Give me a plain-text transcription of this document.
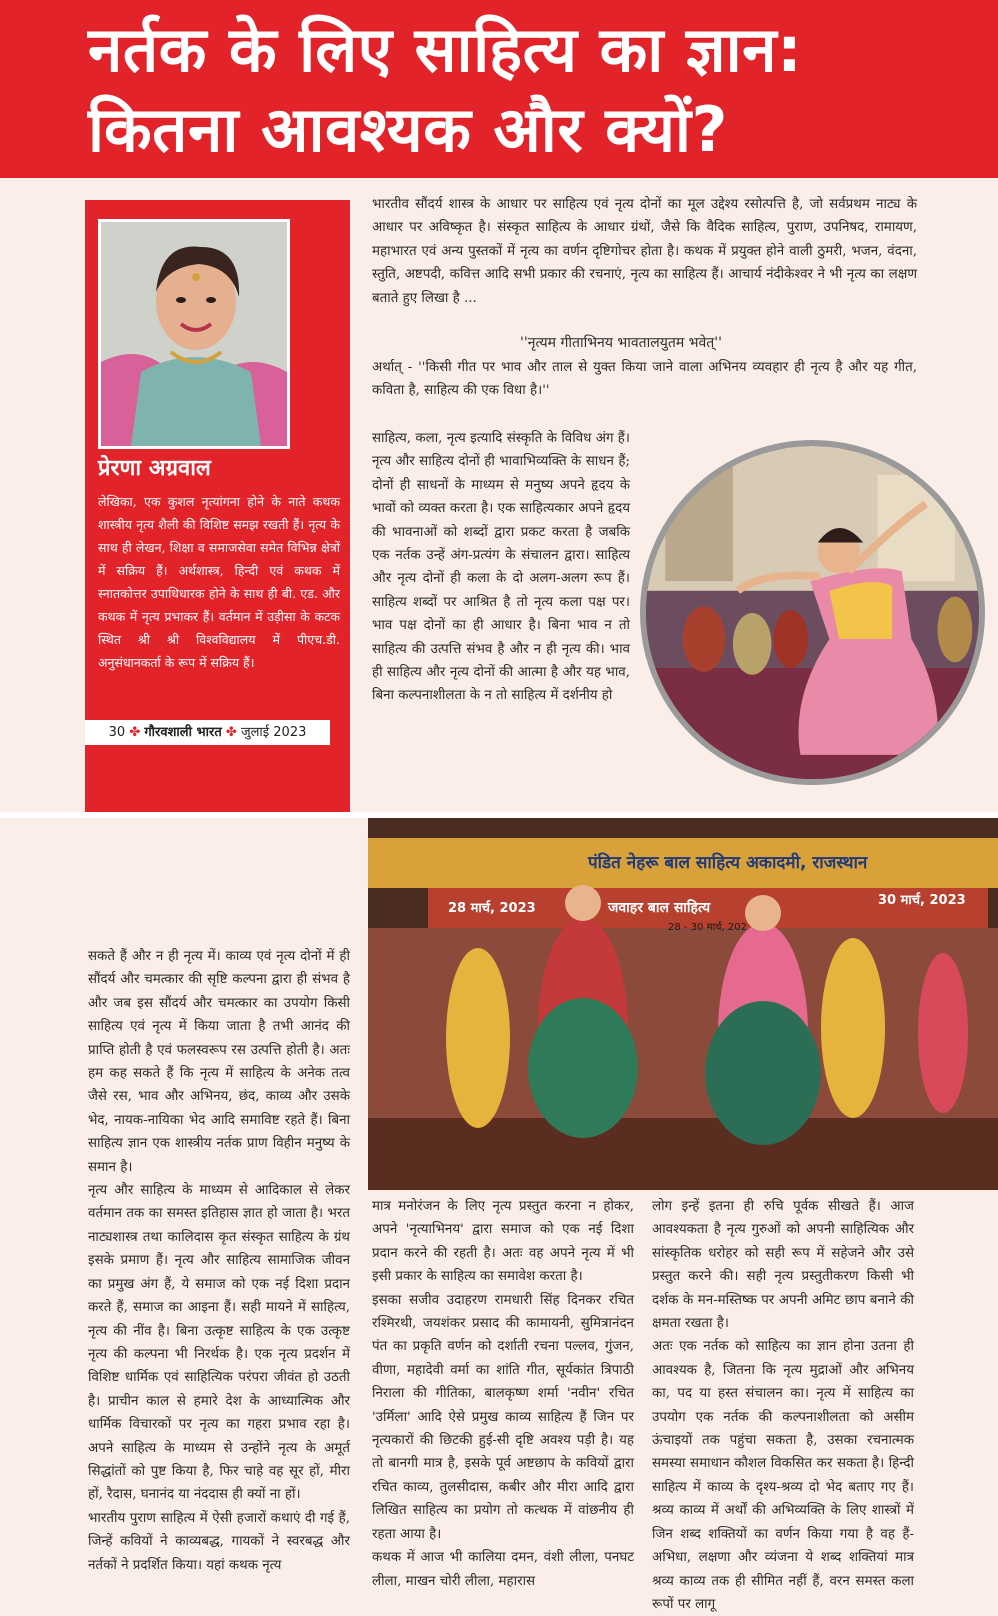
नर्तक के लिए साहित्य का ज्ञान:
कितना आवश्यक और क्यों?
प्रेरणा अग्रवाल
लेखिका, एक कुशल नृत्यांगना होने के नाते कथक शास्त्रीय नृत्य शैली की विशिष्ट समझ रखती हैं। नृत्य के साथ ही लेखन, शिक्षा व समाजसेवा समेत विभिन्न क्षेत्रों में सक्रिय हैं। अर्थशास्त्र, हिन्दी एवं कथक में स्नातकोत्तर उपाधिधारक होने के साथ ही बी. एड. और कथक में नृत्य प्रभाकर हैं। वर्तमान में उड़ीसा के कटक स्थित श्री श्री विश्वविद्यालय में पीएच.डी. अनुसंधानकर्ता के रूप में सक्रिय हैं।
30 ✤ गौरवशाली भारत ✤ जुलाई 2023
भारतीव सौंदर्य शास्त्र के आधार पर साहित्य एवं नृत्य दोनों का मूल उद्देश्य रसोत्पत्ति है, जो सर्वप्रथम नाट्य के आधार पर अविष्कृत है। संस्कृत साहित्य के आधार ग्रंथों, जैसे कि वैदिक साहित्य, पुराण, उपनिषद, रामायण, महाभारत एवं अन्य पुस्तकों में नृत्य का वर्णन दृष्टिगोचर होता है। कथक में प्रयुक्त होने वाली ठुमरी, भजन, वंदना, स्तुति, अष्टपदी, कवित्त आदि सभी प्रकार की रचनाएं, नृत्य का साहित्य हैं। आचार्य नंदीकेश्वर ने भी नृत्य का लक्षण बताते हुए लिखा है ...
''नृत्यम गीताभिनय भावतालयुतम भवेत्''
अर्थात् - ''किसी गीत पर भाव और ताल से युक्त किया जाने वाला अभिनय व्यवहार ही नृत्य है और यह गीत, कविता है, साहित्य की एक विधा है।''
साहित्य, कला, नृत्य इत्यादि संस्कृति के विविध अंग हैं। नृत्य और साहित्य दोनों ही भावाभिव्यक्ति के साधन हैं; दोनों ही साधनों के माध्यम से मनुष्य अपने हृदय के भावों को व्यक्त करता है। एक साहित्यकार अपने हृदय की भावनाओं को शब्दों द्वारा प्रकट करता है जबकि एक नर्तक उन्हें अंग-प्रत्यंग के संचालन द्वारा। साहित्य और नृत्य दोनों ही कला के दो अलग-अलग रूप हैं। साहित्य शब्दों पर आश्रित है तो नृत्य कला पक्ष पर। भाव पक्ष दोनों का ही आधार है। बिना भाव न तो साहित्य की उत्पत्ति संभव है और न ही नृत्य की। भाव ही साहित्य और नृत्य दोनों की आत्मा है और यह भाव, बिना कल्पनाशीलता के न तो साहित्य में दर्शनीय हो
पंडित नेहरू बाल साहित्य अकादमी, राजस्थान
28 मार्च, 2023	जवाहर बाल साहित्य	30 मार्च, 2023
28 - 30 मार्च, 202
सकते हैं और न ही नृत्य में। काव्य एवं नृत्य दोनों में ही सौंदर्य और चमत्कार की सृष्टि कल्पना द्वारा ही संभव है और जब इस सौंदर्य और चमत्कार का उपयोग किसी साहित्य एवं नृत्य में किया जाता है तभी आनंद की प्राप्ति होती है एवं फलस्वरूप रस उत्पत्ति होती है। अतः हम कह सकते हैं कि नृत्य में साहित्य के अनेक तत्व जैसे रस, भाव और अभिनय, छंद, काव्य और उसके भेद, नायक-नायिका भेद आदि समाविष्ट रहते हैं। बिना साहित्य ज्ञान एक शास्त्रीय नर्तक प्राण विहीन मनुष्य के समान है।
नृत्य और साहित्य के माध्यम से आदिकाल से लेकर वर्तमान तक का समस्त इतिहास ज्ञात हो जाता है। भरत नाट्यशास्त्र तथा कालिदास कृत संस्कृत साहित्य के ग्रंथ इसके प्रमाण हैं। नृत्य और साहित्य सामाजिक जीवन का प्रमुख अंग हैं, ये समाज को एक नई दिशा प्रदान करते हैं, समाज का आइना हैं। सही मायने में साहित्य, नृत्य की नींव है। बिना उत्कृष्ट साहित्य के एक उत्कृष्ट नृत्य की कल्पना भी निरर्थक है। एक नृत्य प्रदर्शन में विशिष्ट धार्मिक एवं साहित्यिक परंपरा जीवंत हो उठती है। प्राचीन काल से हमारे देश के आध्यात्मिक और धार्मिक विचारकों पर नृत्य का गहरा प्रभाव रहा है। अपने साहित्य के माध्यम से उन्होंने नृत्य के अमूर्त सिद्धांतों को पुष्ट किया है, फिर चाहे वह सूर हों, मीरा हों, रैदास, घनानंद या नंददास ही क्यों ना हों।
भारतीय पुराण साहित्य में ऐसी हजारों कथाएं दी गई हैं, जिन्हें कवियों ने काव्यबद्ध, गायकों ने स्वरबद्ध और नर्तकों ने प्रदर्शित किया। यहां कथक नृत्य
मात्र मनोरंजन के लिए नृत्य प्रस्तुत करना न होकर, अपने 'नृत्याभिनय' द्वारा समाज को एक नई दिशा प्रदान करने की रहती है। अतः वह अपने नृत्य में भी इसी प्रकार के साहित्य का समावेश करता है।
इसका सजीव उदाहरण रामधारी सिंह दिनकर रचित रश्मिरथी, जयशंकर प्रसाद की कामायनी, सुमित्रानंदन पंत का प्रकृति वर्णन को दर्शाती रचना पल्लव, गुंजन, वीणा, महादेवी वर्मा का शांति गीत, सूर्यकांत त्रिपाठी निराला की गीतिका, बालकृष्ण शर्मा 'नवीन' रचित 'उर्मिला' आदि ऐसे प्रमुख काव्य साहित्य हैं जिन पर नृत्यकारों की छिटकी हुई-सी दृष्टि अवश्य पड़ी है। यह तो बानगी मात्र है, इसके पूर्व अष्टछाप के कवियों द्वारा रचित काव्य, तुलसीदास, कबीर और मीरा आदि द्वारा लिखित साहित्य का प्रयोग तो कत्थक में वांछनीय ही रहता आया है।
कथक में आज भी कालिया दमन, वंशी लीला, पनघट लीला, माखन चोरी लीला, महारास
लोग इन्हें इतना ही रुचि पूर्वक सीखते हैं। आज आवश्यकता है नृत्य गुरुओं को अपनी साहित्यिक और सांस्कृतिक धरोहर को सही रूप में सहेजने और उसे प्रस्तुत करने की। सही नृत्य प्रस्तुतीकरण किसी भी दर्शक के मन-मस्तिष्क पर अपनी अमिट छाप बनाने की क्षमता रखता है।
अतः एक नर्तक को साहित्य का ज्ञान होना उतना ही आवश्यक है, जितना कि नृत्य मुद्राओं और अभिनय का, पद या हस्त संचालन का। नृत्य में साहित्य का उपयोग एक नर्तक की कल्पनाशीलता को असीम ऊंचाइयों तक पहुंचा सकता है, उसका रचनात्मक समस्या समाधान कौशल विकसित कर सकता है। हिन्दी साहित्य में काव्य के दृश्य-श्रव्य दो भेद बताए गए हैं। श्रव्य काव्य में अर्थों की अभिव्यक्ति के लिए शास्त्रों में जिन शब्द शक्तियों का वर्णन किया गया है वह हैं- अभिधा, लक्षणा और व्यंजना ये शब्द शक्तियां मात्र श्रव्य काव्य तक ही सीमित नहीं हैं, वरन समस्त कला रूपों पर लागू
